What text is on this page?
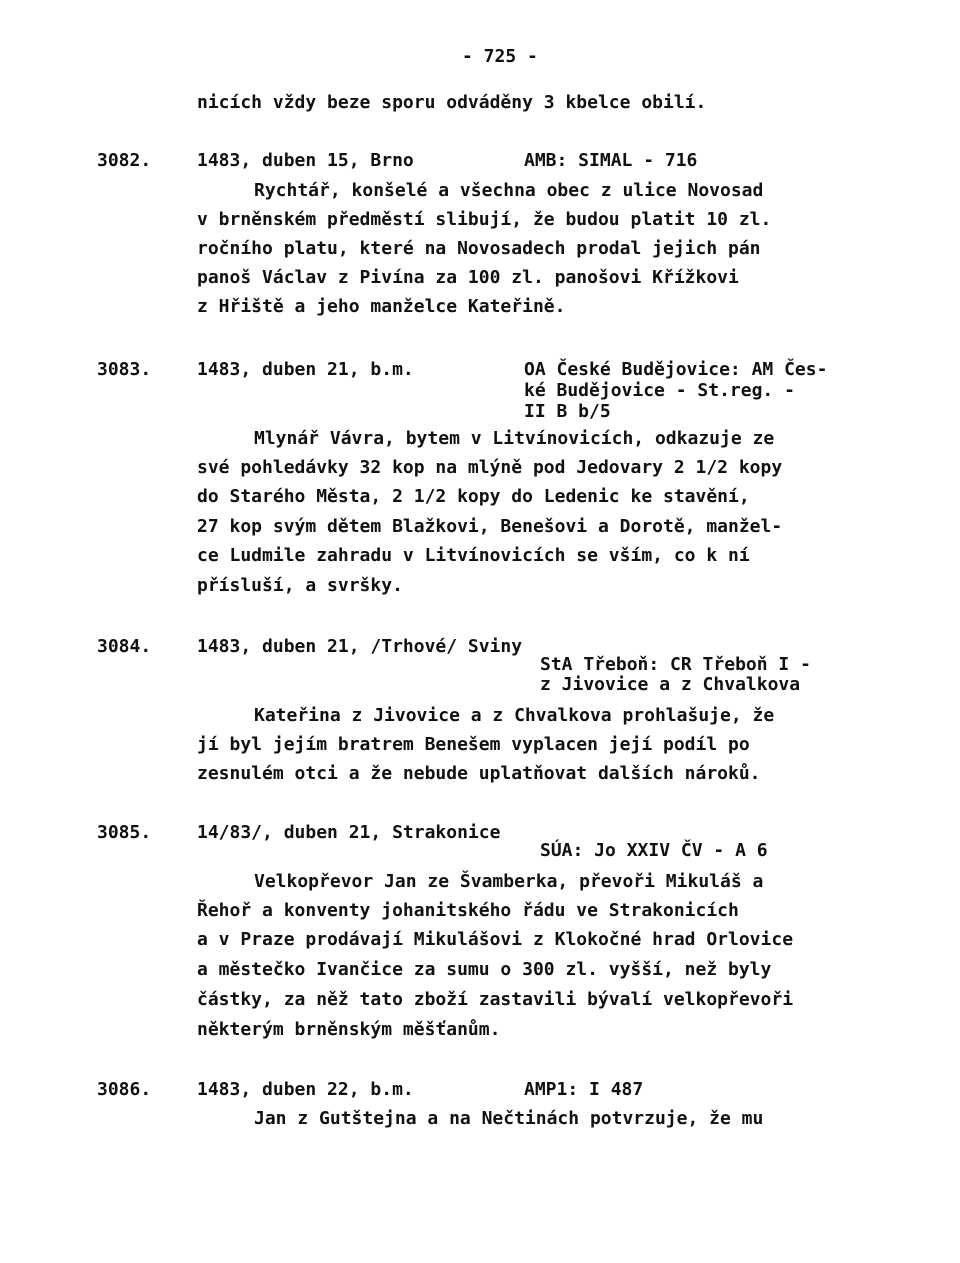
- 725 -
nicích vždy beze sporu odváděny 3 kbelce obilí.
3082.	1483, duben 15, Brno	AMB: SIMAL - 716
Rychtář, konšelé a všechna obec z ulice Novosad
v brněnském předměstí slibují, že budou platit 10 zl.
ročního platu, které na Novosadech prodal jejich pán
panoš Václav z Pivína za 100 zl. panošovi Křížkovi
z Hřiště a jeho manželce Kateřině.
3083.	1483, duben 21, b.m.	OA České Budějovice: AM Čes-
ké Budějovice - St.reg. -
II B b/5
Mlynář Vávra, bytem v Litvínovicích, odkazuje ze
své pohledávky 32 kop na mlýně pod Jedovary 2 1/2 kopy
do Starého Města, 2 1/2 kopy do Ledenic ke stavění,
27 kop svým dětem Blažkovi, Benešovi a Dorotě, manžel-
ce Ludmile zahradu v Litvínovicích se vším, co k ní
přísluší, a svršky.
3084.	1483, duben 21, /Trhové/ Sviny
StA Třeboň: CR Třeboň I -
z Jivovice a z Chvalkova
Kateřina z Jivovice a z Chvalkova prohlašuje, že
jí byl jejím bratrem Benešem vyplacen její podíl po
zesnulém otci a že nebude uplatňovat dalších nároků.
3085.	14/83/, duben 21, Strakonice
SÚA: Jo XXIV ČV - A 6
Velkopřevor Jan ze Švamberka, převoři Mikuláš a
Řehoř a konventy johanitského řádu ve Strakonicích
a v Praze prodávají Mikulášovi z Klokočné hrad Orlovice
a městečko Ivančice za sumu o 300 zl. vyšší, než byly
částky, za něž tato zboží zastavili bývalí velkopřevoři
některým brněnským měšťanům.
3086.	1483, duben 22, b.m.	AMP1: I 487
Jan z Gutštejna a na Nečtinách potvrzuje, že mu
